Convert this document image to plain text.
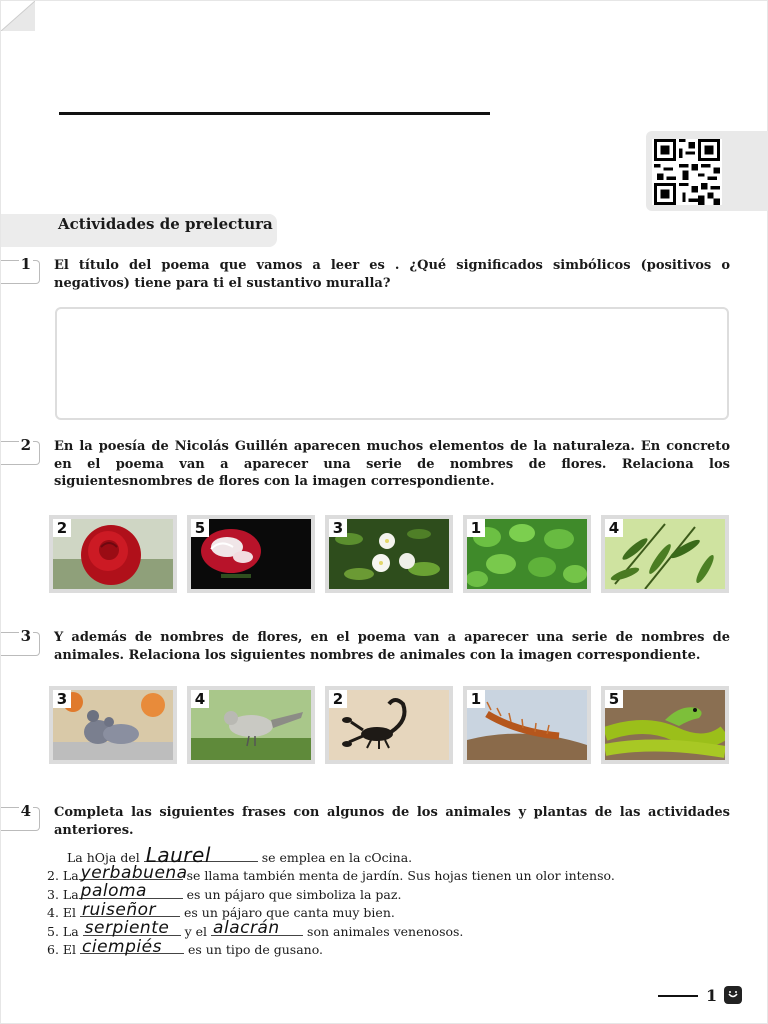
Actividades de prelectura
1 El título del poema que vamos a leer es . ¿Qué significados simbólicos (positivos o negativos) tiene para ti el sustantivo muralla?
2 En la poesía de Nicolás Guillén aparecen muchos elementos de la naturaleza. En concreto en el poema van a aparecer una serie de nombres de flores. Relaciona los siguientesnombres de flores con la imagen correspondiente.
2	5	3	1	4
3 Y además de nombres de flores, en el poema van a aparecer una serie de nombres de animales. Relaciona los siguientes nombres de animales con la imagen correspondiente.
3	4	2	1	5
4 Completa las siguientes frases con algunos de los animales y plantas de las actividades anteriores.
La hOja del Laurel	se emplea en la cOcina.
2. La yerbabuena se llama también menta de jardín. Sus hojas tienen un olor intenso.
3. La paloma	es un pájaro que simboliza la paz.
4. El ruiseñor es un pájaro que canta muy bien.
5. La serpiente y el alacrán son animales venenosos.
6. El ciempiés es un tipo de gusano.
1
